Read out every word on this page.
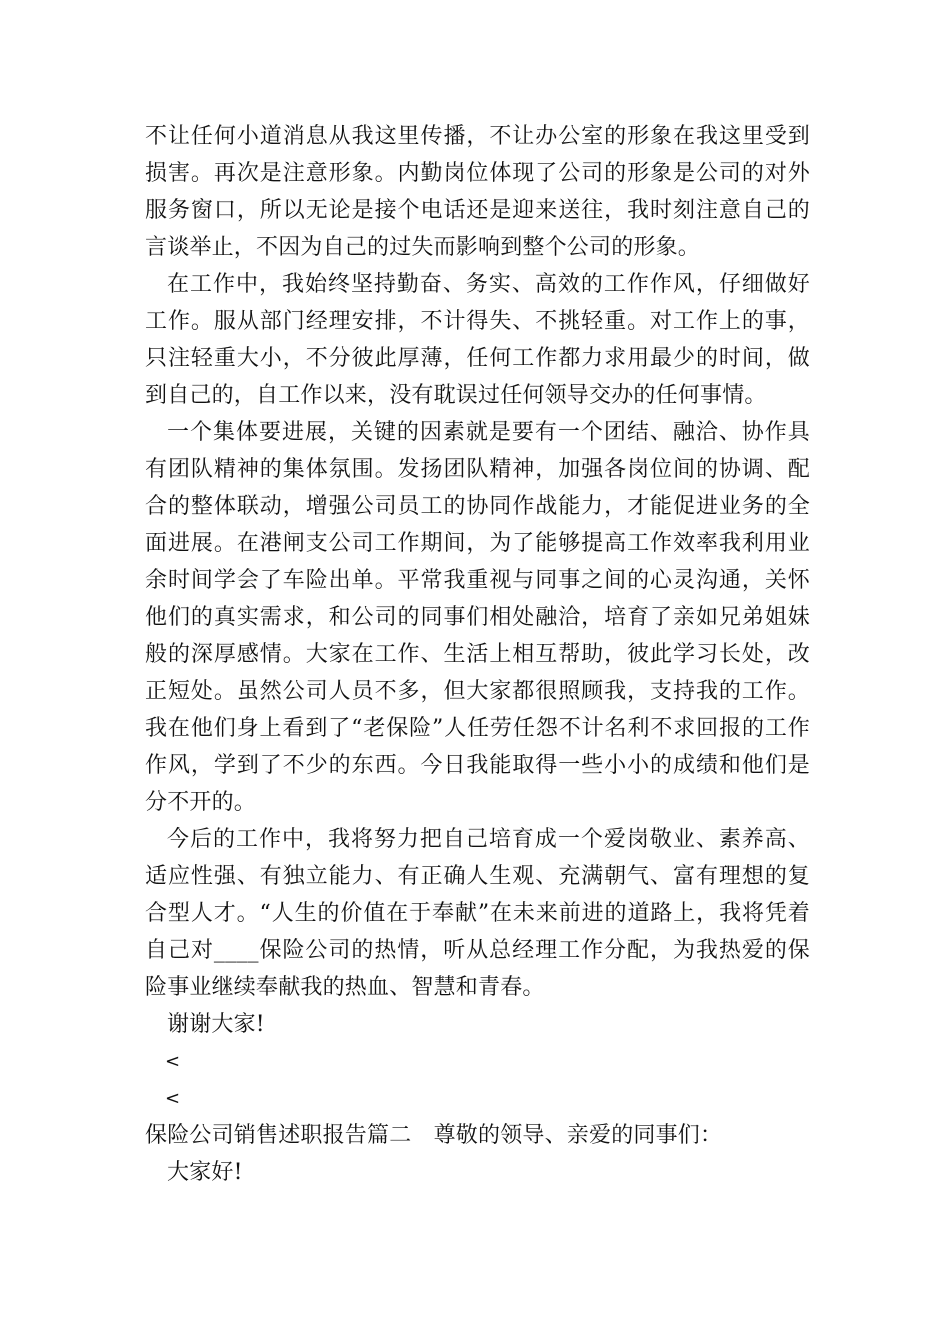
不让任何小道消息从我这里传播，不让办公室的形象在我这里受到损害。再次是注意形象。内勤岗位体现了公司的形象是公司的对外服务窗口，所以无论是接个电话还是迎来送往，我时刻注意自己的言谈举止，不因为自己的过失而影响到整个公司的形象。

在工作中，我始终坚持勤奋、务实、高效的工作作风，仔细做好工作。服从部门经理安排，不计得失、不挑轻重。对工作上的事，只注轻重大小，不分彼此厚薄，任何工作都力求用最少的时间，做到自己的，自工作以来，没有耽误过任何领导交办的任何事情。

一个集体要进展，关键的因素就是要有一个团结、融洽、协作具有团队精神的集体氛围。发扬团队精神，加强各岗位间的协调、配合的整体联动，增强公司员工的协同作战能力，才能促进业务的全面进展。在港闸支公司工作期间，为了能够提高工作效率我利用业余时间学会了车险出单。平常我重视与同事之间的心灵沟通，关怀他们的真实需求，和公司的同事们相处融洽，培育了亲如兄弟姐妹般的深厚感情。大家在工作、生活上相互帮助，彼此学习长处，改正短处。虽然公司人员不多，但大家都很照顾我，支持我的工作。我在他们身上看到了“老保险”人任劳任怨不计名利不求回报的工作作风，学到了不少的东西。今日我能取得一些小小的成绩和他们是分不开的。

今后的工作中，我将努力把自己培育成一个爱岗敬业、素养高、适应性强、有独立能力、有正确人生观、充满朝气、富有理想的复合型人才。“人生的价值在于奉献”在未来前进的道路上，我将凭着自己对____保险公司的热情，听从总经理工作分配，为我热爱的保险事业继续奉献我的热血、智慧和青春。

谢谢大家!

<

<

保险公司销售述职报告篇二　尊敬的领导、亲爱的同事们：

大家好!
